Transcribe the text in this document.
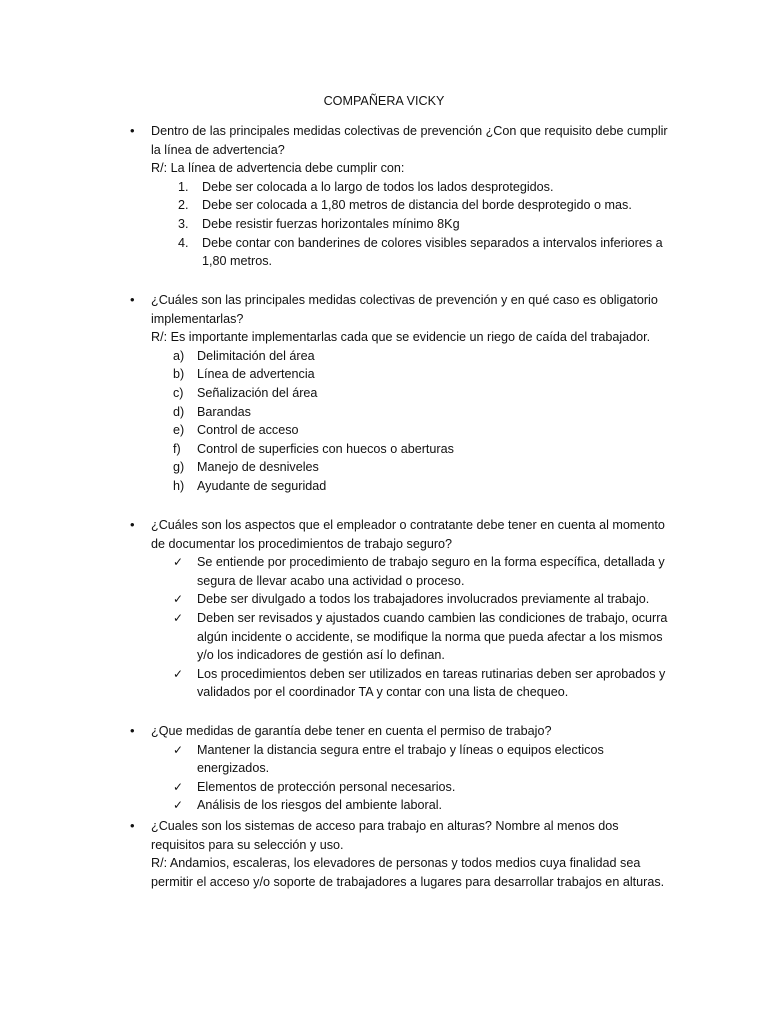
COMPAÑERA VICKY
•	Dentro de las principales medidas colectivas de prevención ¿Con que requisito debe cumplir la línea de advertencia?
R/: La línea de advertencia debe cumplir con:
1. Debe ser colocada a lo largo de todos los lados desprotegidos.
2. Debe ser colocada a 1,80 metros de distancia del borde desprotegido o mas.
3. Debe resistir fuerzas horizontales mínimo 8Kg
4. Debe contar con banderines de colores visibles separados a intervalos inferiores a 1,80 metros.
•	¿Cuáles son las principales medidas colectivas de prevención y en qué caso es obligatorio implementarlas?
R/: Es importante implementarlas cada que se evidencie un riego de caída del trabajador.
a) Delimitación del área
b) Línea de advertencia
c) Señalización del área
d) Barandas
e) Control de acceso
f) Control de superficies con huecos o aberturas
g) Manejo de desniveles
h) Ayudante de seguridad
•	¿Cuáles son los aspectos que el empleador o contratante debe tener en cuenta al momento de documentar los procedimientos de trabajo seguro?
✓ Se entiende por procedimiento de trabajo seguro en la forma específica, detallada y segura de llevar acabo una actividad o proceso.
✓ Debe ser divulgado a todos los trabajadores involucrados previamente al trabajo.
✓ Deben ser revisados y ajustados cuando cambien las condiciones de trabajo, ocurra algún incidente o accidente, se modifique la norma que pueda afectar a los mismos y/o los indicadores de gestión así lo definan.
✓ Los procedimientos deben ser utilizados en tareas rutinarias deben ser aprobados y validados por el coordinador TA y contar con una lista de chequeo.
•	¿Que medidas de garantía debe tener en cuenta el permiso de trabajo?
✓ Mantener la distancia segura entre el trabajo y líneas o equipos electicos energizados.
✓ Elementos de protección personal necesarios.
✓ Análisis de los riesgos del ambiente laboral.
•	¿Cuales son los sistemas de acceso para trabajo en alturas? Nombre al menos dos requisitos para su selección y uso.
R/: Andamios, escaleras, los elevadores de personas y todos medios cuya finalidad sea permitir el acceso y/o soporte de trabajadores a lugares para desarrollar trabajos en alturas.
